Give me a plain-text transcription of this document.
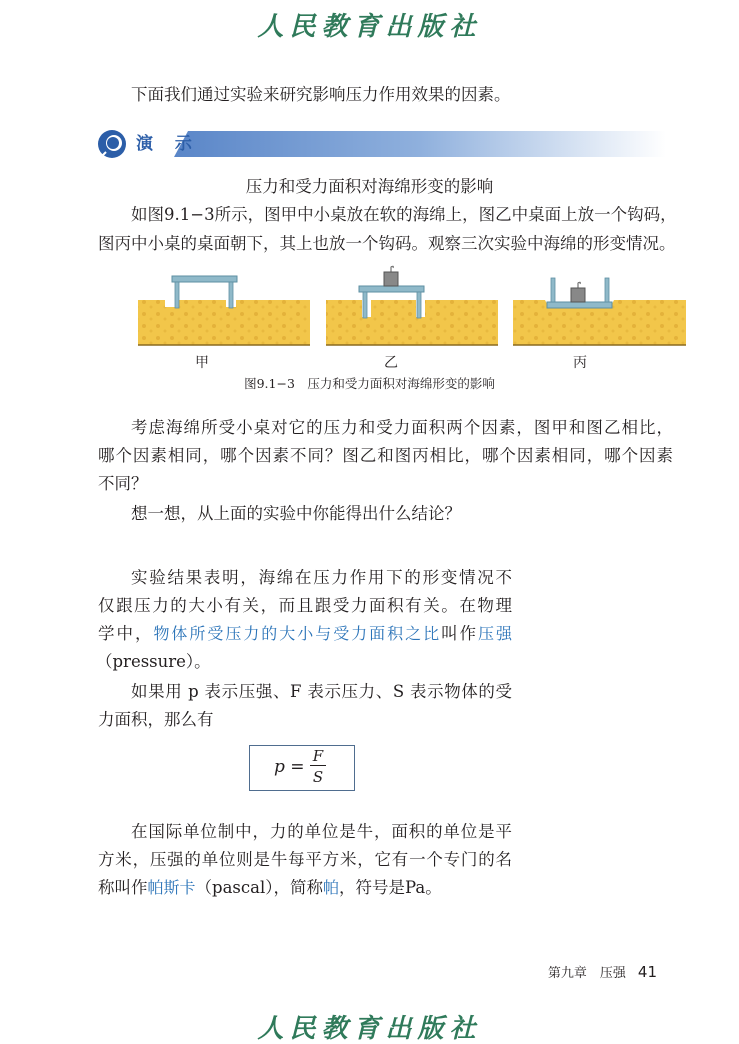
人民教育出版社
下面我们通过实验来研究影响压力作用效果的因素。
演 示
压力和受力面积对海绵形变的影响
如图9.1−3所示，图甲中小桌放在软的海绵上，图乙中桌面上放一个钩码，
图丙中小桌的桌面朝下，其上也放一个钩码。观察三次实验中海绵的形变情况。
甲	乙	丙
图9.1−3　压力和受力面积对海绵形变的影响
考虑海绵所受小桌对它的压力和受力面积两个因素，图甲和图乙相比，
哪个因素相同，哪个因素不同？图乙和图丙相比，哪个因素相同，哪个因素
不同？
想一想，从上面的实验中你能得出什么结论？
实验结果表明，海绵在压力作用下的形变情况不
仅跟压力的大小有关，而且跟受力面积有关。在物理
学中，物体所受压力的大小与受力面积之比叫作压强
（pressure）。
如果用 p 表示压强、F 表示压力、S 表示物体的受
力面积，那么有
p =
F
S
在国际单位制中，力的单位是牛，面积的单位是平
方米，压强的单位则是牛每平方米，它有一个专门的名
称叫作帕斯卡（pascal），简称帕，符号是Pa。
第九章　压强 41
人民教育出版社
